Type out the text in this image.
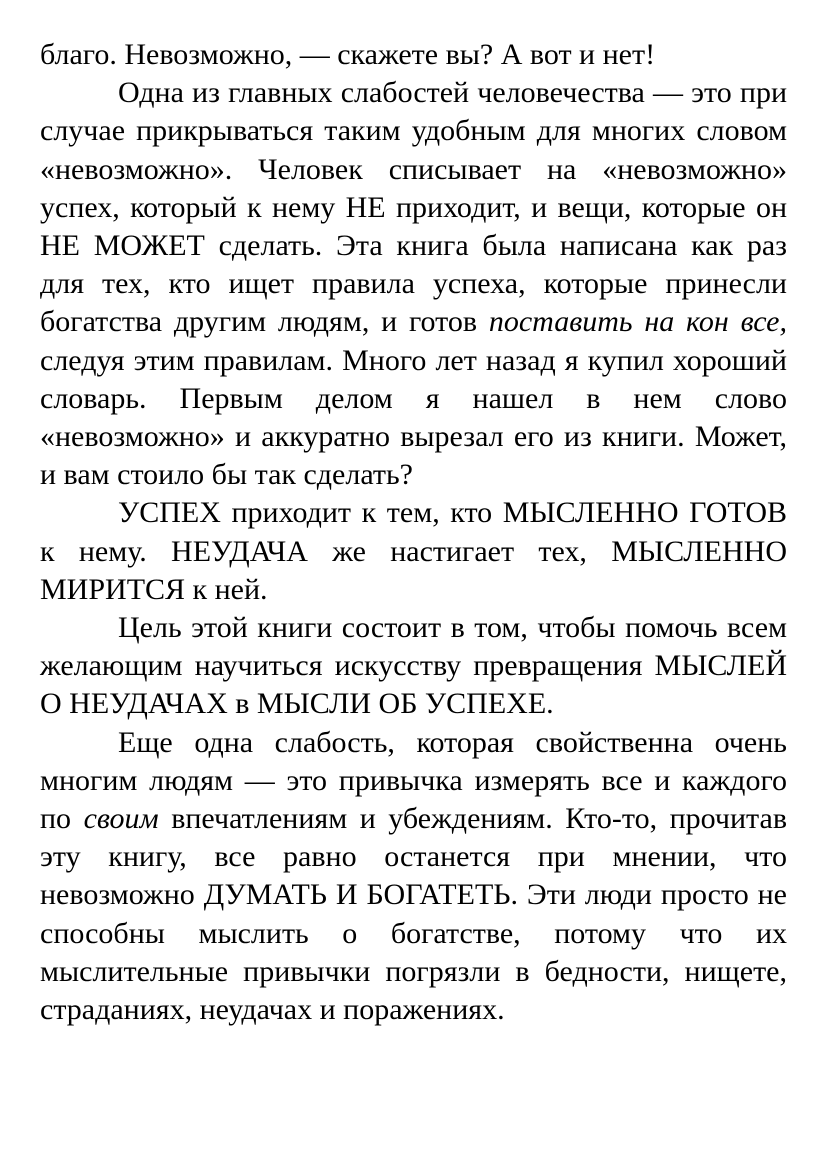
благо. Невозможно, — скажете вы? А вот и нет!

Одна из главных слабостей человечества — это при случае прикрываться таким удобным для многих словом «невозможно». Человек списывает на «невозможно» успех, который к нему НЕ приходит, и вещи, которые он НЕ МОЖЕТ сделать. Эта книга была написана как раз для тех, кто ищет правила успеха, которые принесли богатства другим людям, и готов поставить на кон все, следуя этим правилам. Много лет назад я купил хороший словарь. Первым делом я нашел в нем слово «невозможно» и аккуратно вырезал его из книги. Может, и вам стоило бы так сделать?

УСПЕХ приходит к тем, кто МЫСЛЕННО ГОТОВ к нему. НЕУДАЧА же настигает тех, МЫСЛЕННО МИРИТСЯ к ней.

Цель этой книги состоит в том, чтобы помочь всем желающим научиться искусству превращения МЫСЛЕЙ О НЕУДАЧАХ в МЫСЛИ ОБ УСПЕХЕ.

Еще одна слабость, которая свойственна очень многим людям — это привычка измерять все и каждого по своим впечатлениям и убеждениям. Кто-то, прочитав эту книгу, все равно останется при мнении, что невозможно ДУМАТЬ И БОГАТЕТЬ. Эти люди просто не способны мыслить о богатстве, потому что их мыслительные привычки погрязли в бедности, нищете, страданиях, неудачах и поражениях.
